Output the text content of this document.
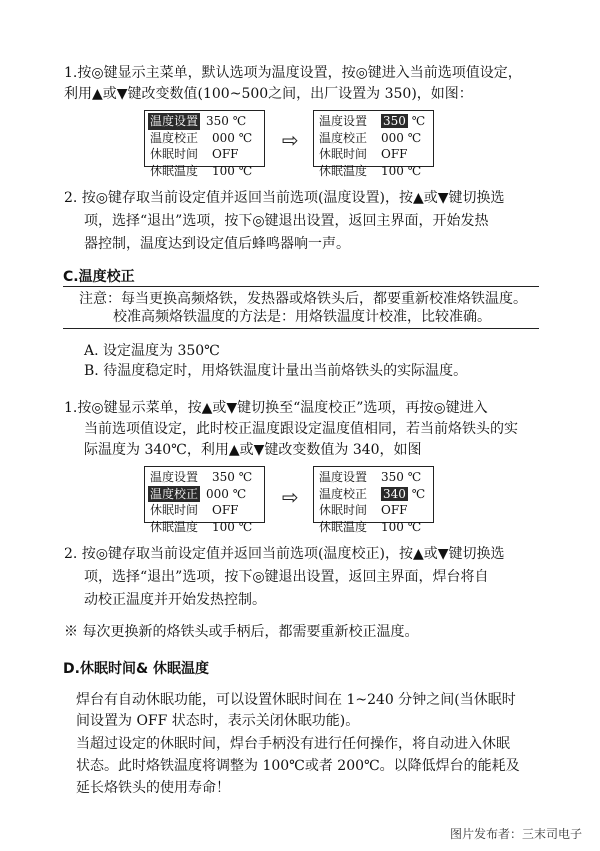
1.按◎键显示主菜单，默认选项为温度设置，按◎键进入当前选项值设定，
利用▲或▼键改变数值(100~500之间，出厂设置为 350)，如图：
温度设置 350 ℃
温度校正	000 ℃
休眠时间	OFF
休眠温度	100 ℃
⇨
温度设置	350 ℃
温度校正	000 ℃
休眠时间	OFF
休眠温度	100 ℃
2. 按◎键存取当前设定值并返回当前选项(温度设置)，按▲或▼键切换选
项，选择“退出”选项，按下◎键退出设置，返回主界面，开始发热
器控制，温度达到设定值后蜂鸣器响一声。
C.温度校正
注意：每当更换高频烙铁，发热器或烙铁头后，都要重新校准烙铁温度。
校准高频烙铁温度的方法是：用烙铁温度计校准，比较准确。
A. 设定温度为 350℃
B. 待温度稳定时，用烙铁温度计量出当前烙铁头的实际温度。
1.按◎键显示菜单，按▲或▼键切换至“温度校正”选项，再按◎键进入
当前选项值设定，此时校正温度跟设定温度值相同，若当前烙铁头的实
际温度为 340℃，利用▲或▼键改变数值为 340，如图
温度设置	350 ℃
温度校正 000 ℃
休眠时间	OFF
休眠温度	100 ℃
⇨
温度设置	350 ℃
温度校正	340 ℃
休眠时间	OFF
休眠温度	100 ℃
2. 按◎键存取当前设定值并返回当前选项(温度校正)，按▲或▼键切换选
项，选择“退出”选项，按下◎键退出设置，返回主界面，焊台将自
动校正温度并开始发热控制。
※ 每次更换新的烙铁头或手柄后，都需要重新校正温度。
D.休眠时间& 休眠温度
焊台有自动休眠功能，可以设置休眠时间在 1~240 分钟之间(当休眠时
间设置为 OFF 状态时，表示关闭休眠功能)。
当超过设定的休眠时间，焊台手柄没有进行任何操作，将自动进入休眠
状态。此时烙铁温度将调整为 100℃或者 200℃。以降低焊台的能耗及
延长烙铁头的使用寿命！
图片发布者：三末司电子
